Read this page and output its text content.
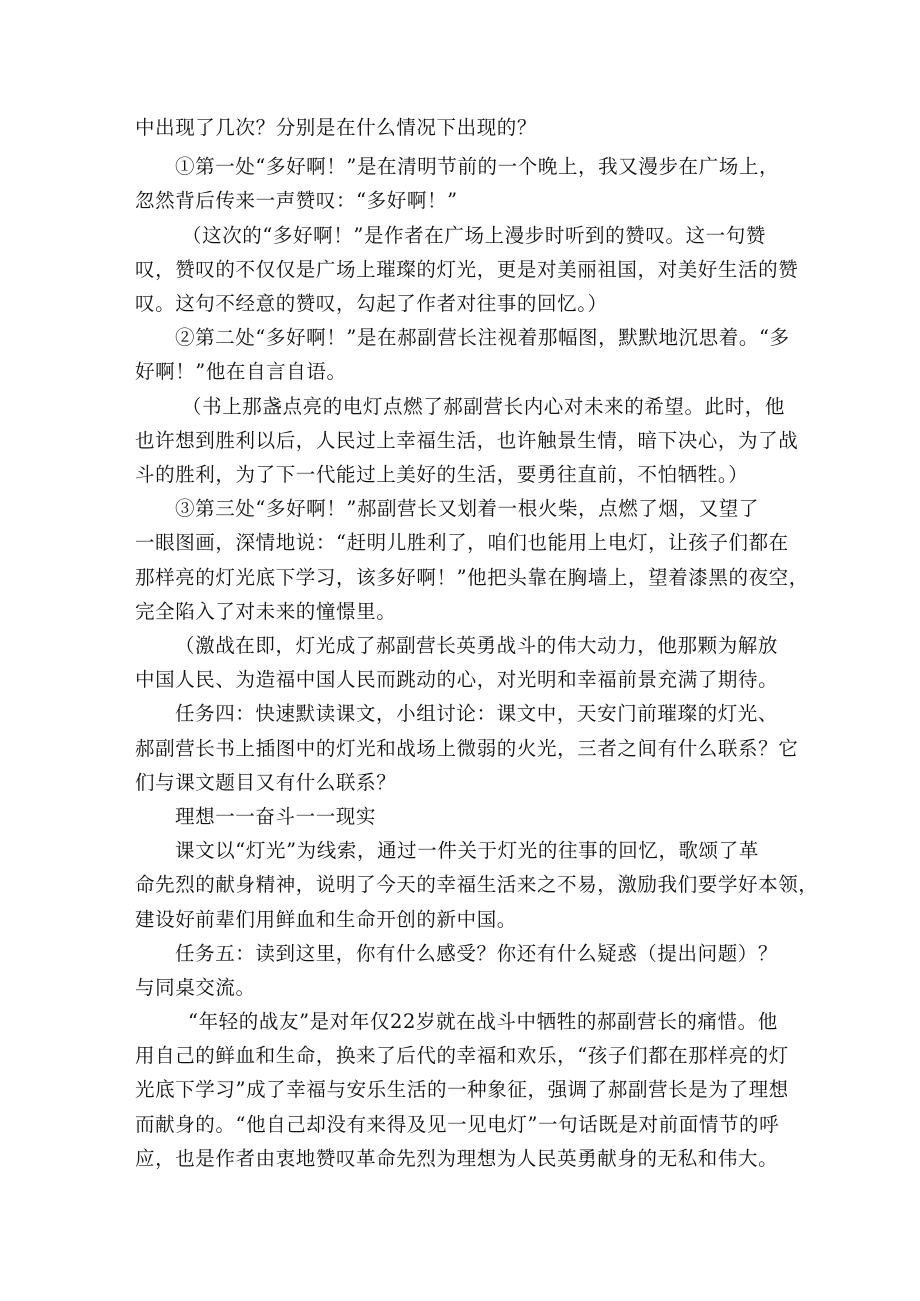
中出现了几次？分别是在什么情况下出现的？

①第一处“多好啊！”是在清明节前的一个晚上，我又漫步在广场上，

忽然背后传来一声赞叹：“多好啊！”

（这次的“多好啊！”是作者在广场上漫步时听到的赞叹。这一句赞

叹，赞叹的不仅仅是广场上璀璨的灯光，更是对美丽祖国，对美好生活的赞

叹。这句不经意的赞叹，勾起了作者对往事的回忆。）

②第二处“多好啊！”是在郝副营长注视着那幅图，默默地沉思着。“多

好啊！”他在自言自语。

（书上那盏点亮的电灯点燃了郝副营长内心对未来的希望。此时，他

也许想到胜利以后，人民过上幸福生活，也许触景生情，暗下决心，为了战

斗的胜利，为了下一代能过上美好的生活，要勇往直前，不怕牺牲。）

③第三处“多好啊！”郝副营长又划着一根火柴，点燃了烟，又望了

一眼图画，深情地说：“赶明儿胜利了，咱们也能用上电灯，让孩子们都在

那样亮的灯光底下学习，该多好啊！”他把头靠在胸墙上，望着漆黑的夜空，

完全陷入了对未来的憧憬里。

（激战在即，灯光成了郝副营长英勇战斗的伟大动力，他那颗为解放

中国人民、为造福中国人民而跳动的心，对光明和幸福前景充满了期待。

任务四：快速默读课文，小组讨论：课文中，天安门前璀璨的灯光、

郝副营长书上插图中的灯光和战场上微弱的火光，三者之间有什么联系？它

们与课文题目又有什么联系？

理想一一奋斗一一现实

课文以“灯光”为线索，通过一件关于灯光的往事的回忆，歌颂了革

命先烈的献身精神，说明了今天的幸福生活来之不易，激励我们要学好本领，

建设好前辈们用鲜血和生命开创的新中国。

任务五：读到这里，你有什么感受？你还有什么疑惑（提出问题）？

与同桌交流。

“年轻的战友”是对年仅22岁就在战斗中牺牲的郝副营长的痛惜。他

用自己的鲜血和生命，换来了后代的幸福和欢乐，“孩子们都在那样亮的灯

光底下学习”成了幸福与安乐生活的一种象征，强调了郝副营长是为了理想

而献身的。“他自己却没有来得及见一见电灯”一句话既是对前面情节的呼

应，也是作者由衷地赞叹革命先烈为理想为人民英勇献身的无私和伟大。
